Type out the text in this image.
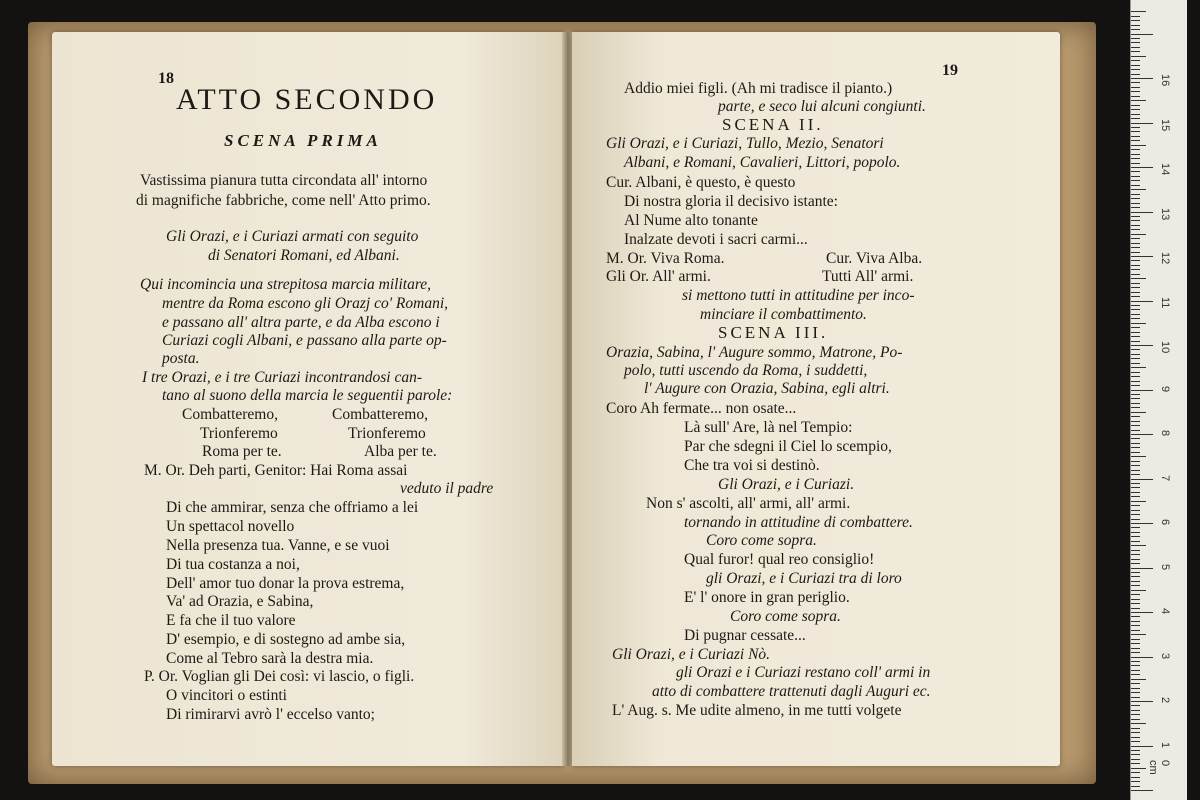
18
ATTO SECONDO
SCENA PRIMA
Vastissima pianura tutta circondata all' intorno
di magnifiche fabbriche, come nell' Atto primo.
Gli Orazi, e i Curiazi armati con seguito
di Senatori Romani, ed Albani.
Qui incomincia una strepitosa marcia militare,
mentre da Roma escono gli Orazj co' Romani,
e passano all' altra parte, e da Alba escono i
Curiazi cogli Albani, e passano alla parte op-
posta.
I tre Orazi, e i tre Curiazi incontrandosi can-
tano al suono della marcia le seguentii parole:
Combatteremo,	Combatteremo,
Trionferemo	Trionferemo
Roma per te.	Alba per te.
M. Or. Deh parti, Genitor: Hai Roma assai
veduto il padre
Di che ammirar, senza che offriamo a lei
Un spettacol novello
Nella presenza tua. Vanne, e se vuoi
Di tua costanza a noi,
Dell' amor tuo donar la prova estrema,
Va' ad Orazia, e Sabina,
E fa che il tuo valore
D' esempio, e di sostegno ad ambe sia,
Come al Tebro sarà la destra mia.
P. Or. Voglian gli Dei così: vi lascio, o figli.
O vincitori o estinti
Di rimirarvi avrò l' eccelso vanto;
19
Addio miei figli. (Ah mi tradisce il pianto.)
parte, e seco lui alcuni congiunti.
SCENA II.
Gli Orazi, e i Curiazi, Tullo, Mezio, Senatori
Albani, e Romani, Cavalieri, Littori, popolo.
Cur. Albani, è questo, è questo
Di nostra gloria il decisivo istante:
Al Nume alto tonante
Inalzate devoti i sacri carmi...
M. Or. Viva Roma.	Cur. Viva Alba.
Gli Or. All' armi.	Tutti All' armi.
si mettono tutti in attitudine per inco-
minciare il combattimento.
SCENA III.
Orazia, Sabina, l' Augure sommo, Matrone, Po-
polo, tutti uscendo da Roma, i suddetti,
l' Augure con Orazia, Sabina, egli altri.
Coro Ah fermate... non osate...
Là sull' Are, là nel Tempio:
Par che sdegni il Ciel lo scempio,
Che tra voi si destinò.
Gli Orazi, e i Curiazi.
Non s' ascolti, all' armi, all' armi.
tornando in attitudine di combattere.
Coro come sopra.
Qual furor! qual reo consiglio!
gli Orazi, e i Curiazi tra di loro
E' l' onore in gran periglio.
Coro come sopra.
Di pugnar cessate...
Gli Orazi, e i Curiazi Nò.
gli Orazi e i Curiazi restano coll' armi in
atto di combattere trattenuti dagli Auguri ec.
L' Aug. s. Me udite almeno, in me tutti volgete
0 cm
1
2
3
4
5
6
7
8
9
10
11
12
13
14
15
16
